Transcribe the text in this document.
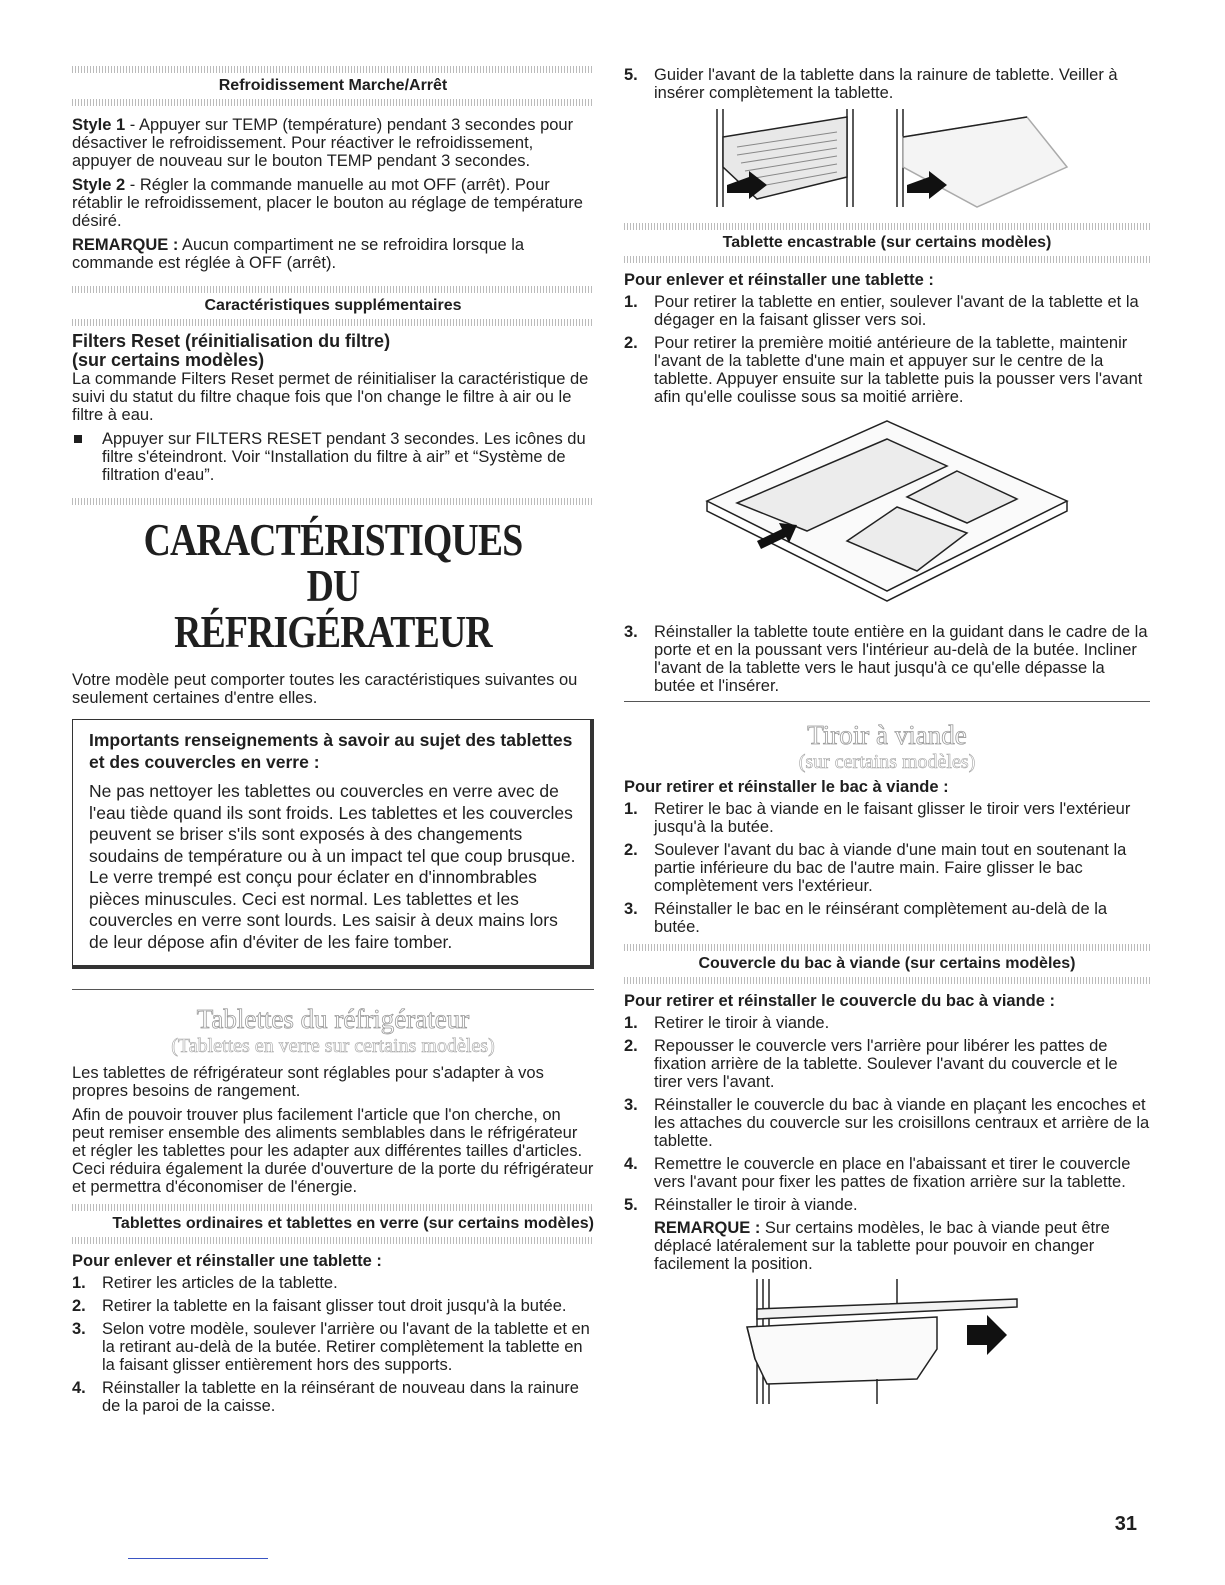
Refroidissement Marche/Arrêt

Style 1 - Appuyer sur TEMP (température) pendant 3 secondes pour désactiver le refroidissement. Pour réactiver le refroidissement, appuyer de nouveau sur le bouton TEMP pendant 3 secondes.

Style 2 - Régler la commande manuelle au mot OFF (arrêt). Pour rétablir le refroidissement, placer le bouton au réglage de température désiré.

REMARQUE : Aucun compartiment ne se refroidira lorsque la commande est réglée à OFF (arrêt).

Caractéristiques supplémentaires
Filters Reset (réinitialisation du filtre)
(sur certains modèles)

La commande Filters Reset permet de réinitialiser la caractéristique de suivi du statut du filtre chaque fois que l'on change le filtre à air ou le filtre à eau.

Appuyer sur FILTERS RESET pendant 3 secondes. Les icônes du filtre s'éteindront. Voir “Installation du filtre à air” et “Système de filtration d'eau”.
CARACTÉRISTIQUES DU
RÉFRIGÉRATEUR

Votre modèle peut comporter toutes les caractéristiques suivantes ou seulement certaines d'entre elles.

Importants renseignements à savoir au sujet des tablettes et des couvercles en verre :
Ne pas nettoyer les tablettes ou couvercles en verre avec de l'eau tiède quand ils sont froids. Les tablettes et les couvercles peuvent se briser s'ils sont exposés à des changements soudains de température ou à un impact tel que coup brusque. Le verre trempé est conçu pour éclater en d'innombrables pièces minuscules. Ceci est normal. Les tablettes et les couvercles en verre sont lourds. Les saisir à deux mains lors de leur dépose afin d'éviter de les faire tomber.
Tablettes du réfrigérateur
(Tablettes en verre sur certains modèles)

Les tablettes de réfrigérateur sont réglables pour s'adapter à vos propres besoins de rangement.

Afin de pouvoir trouver plus facilement l'article que l'on cherche, on peut remiser ensemble des aliments semblables dans le réfrigérateur et régler les tablettes pour les adapter aux différentes tailles d'articles. Ceci réduira également la durée d'ouverture de la porte du réfrigérateur et permettra d'économiser de l'énergie.

Tablettes ordinaires et tablettes en verre (sur certains modèles)
Pour enlever et réinstaller une tablette :
1. Retirer les articles de la tablette.
2. Retirer la tablette en la faisant glisser tout droit jusqu'à la butée.
3. Selon votre modèle, soulever l'arrière ou l'avant de la tablette et en la retirant au-delà de la butée. Retirer complètement la tablette en la faisant glisser entièrement hors des supports.
4. Réinstaller la tablette en la réinsérant de nouveau dans la rainure de la paroi de la caisse.
5. Guider l'avant de la tablette dans la rainure de tablette. Veiller à insérer complètement la tablette.
Tablette encastrable (sur certains modèles)
Pour enlever et réinstaller une tablette :
1. Pour retirer la tablette en entier, soulever l'avant de la tablette et la dégager en la faisant glisser vers soi.
2. Pour retirer la première moitié antérieure de la tablette, maintenir l'avant de la tablette d'une main et appuyer sur le centre de la tablette. Appuyer ensuite sur la tablette puis la pousser vers l'avant afin qu'elle coulisse sous sa moitié arrière.
3. Réinstaller la tablette toute entière en la guidant dans le cadre de la porte et en la poussant vers l'intérieur au-delà de la butée. Incliner l'avant de la tablette vers le haut jusqu'à ce qu'elle dépasse la butée et l'insérer.
Tiroir à viande
(sur certains modèles)
Pour retirer et réinstaller le bac à viande :
1. Retirer le bac à viande en le faisant glisser le tiroir vers l'extérieur jusqu'à la butée.
2. Soulever l'avant du bac à viande d'une main tout en soutenant la partie inférieure du bac de l'autre main. Faire glisser le bac complètement vers l'extérieur.
3. Réinstaller le bac en le réinsérant complètement au-delà de la butée.
Couvercle du bac à viande (sur certains modèles)
Pour retirer et réinstaller le couvercle du bac à viande :
1. Retirer le tiroir à viande.
2. Repousser le couvercle vers l'arrière pour libérer les pattes de fixation arrière de la tablette. Soulever l'avant du couvercle et le tirer vers l'avant.
3. Réinstaller le couvercle du bac à viande en plaçant les encoches et les attaches du couvercle sur les croisillons centraux et arrière de la tablette.
4. Remettre le couvercle en place en l'abaissant et tirer le couvercle vers l'avant pour fixer les pattes de fixation arrière sur la tablette.
5. Réinstaller le tiroir à viande.

REMARQUE : Sur certains modèles, le bac à viande peut être déplacé latéralement sur la tablette pour pouvoir en changer facilement la position.

31
